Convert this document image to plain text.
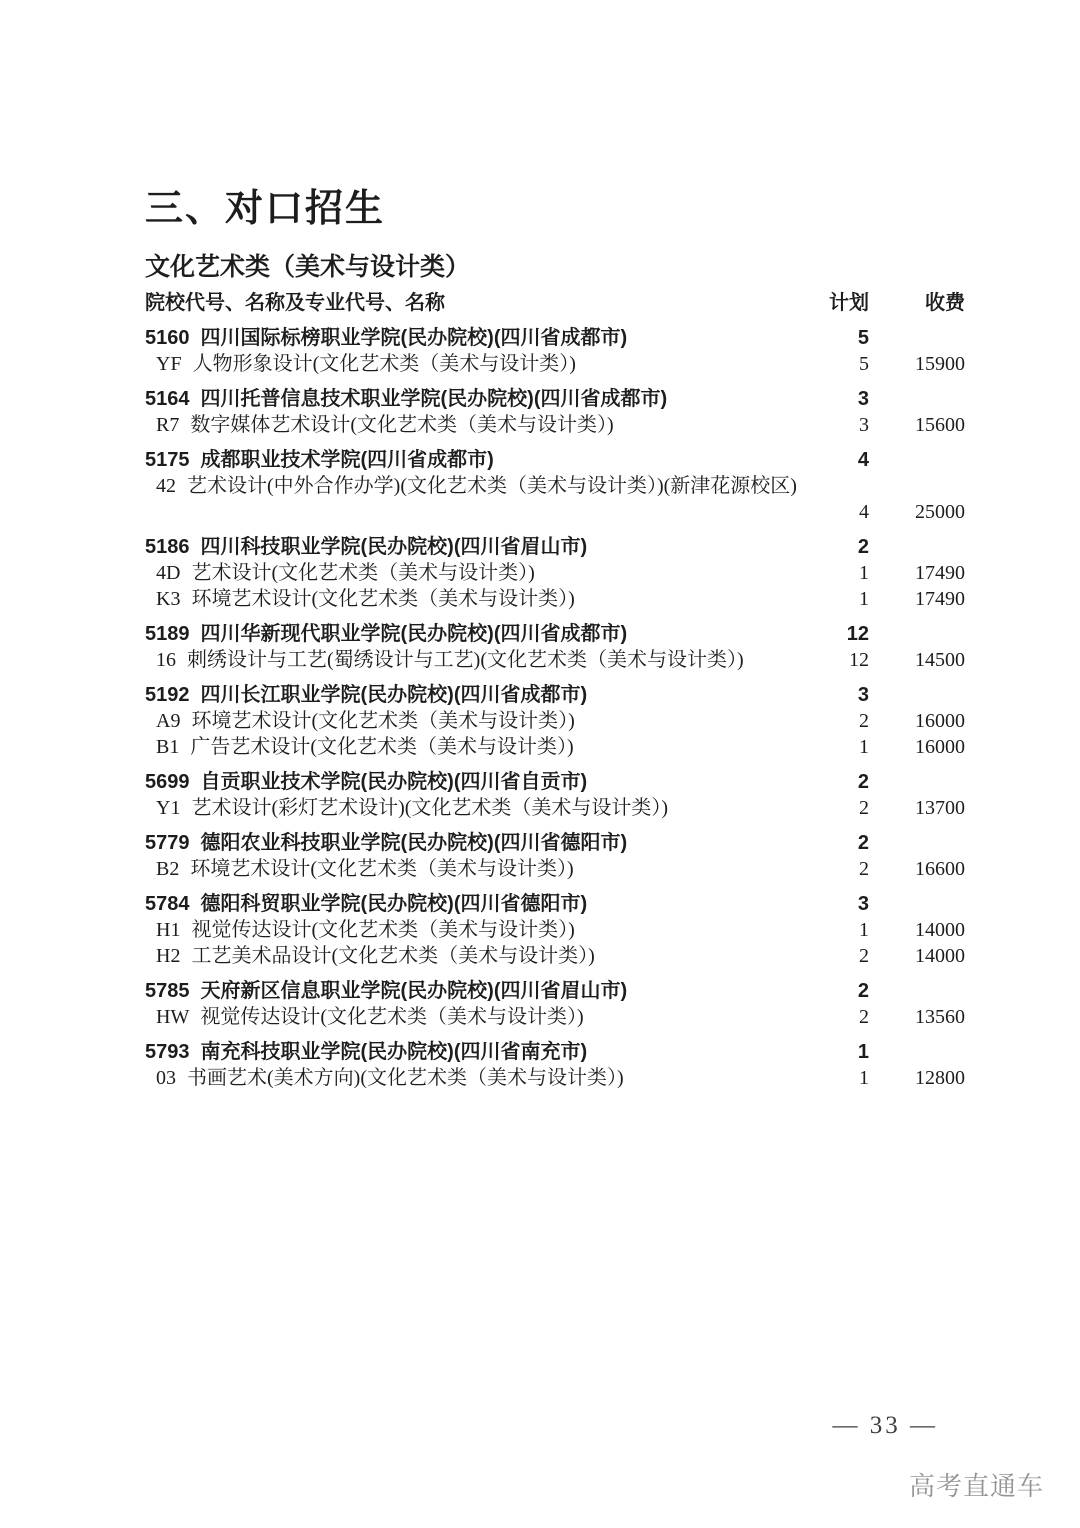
三、对口招生
文化艺术类（美术与设计类）
院校代号、名称及专业代号、名称	计划	收费
5160 四川国际标榜职业学院(民办院校)(四川省成都市)	5
YF 人物形象设计(文化艺术类（美术与设计类）)	5	15900
5164 四川托普信息技术职业学院(民办院校)(四川省成都市)	3
R7 数字媒体艺术设计(文化艺术类（美术与设计类）)	3	15600
5175 成都职业技术学院(四川省成都市)	4
42 艺术设计(中外合作办学)(文化艺术类（美术与设计类）)(新津花源校区)

4	25000
5186 四川科技职业学院(民办院校)(四川省眉山市)	2
4D 艺术设计(文化艺术类（美术与设计类）)	1	17490
K3 环境艺术设计(文化艺术类（美术与设计类）)	1	17490
5189 四川华新现代职业学院(民办院校)(四川省成都市)	12
16 刺绣设计与工艺(蜀绣设计与工艺)(文化艺术类（美术与设计类）)	12	14500
5192 四川长江职业学院(民办院校)(四川省成都市)	3
A9 环境艺术设计(文化艺术类（美术与设计类）)	2	16000
B1 广告艺术设计(文化艺术类（美术与设计类）)	1	16000
5699 自贡职业技术学院(民办院校)(四川省自贡市)	2
Y1 艺术设计(彩灯艺术设计)(文化艺术类（美术与设计类）)	2	13700
5779 德阳农业科技职业学院(民办院校)(四川省德阳市)	2
B2 环境艺术设计(文化艺术类（美术与设计类）)	2	16600
5784 德阳科贸职业学院(民办院校)(四川省德阳市)	3
H1 视觉传达设计(文化艺术类（美术与设计类）)	1	14000
H2 工艺美术品设计(文化艺术类（美术与设计类）)	2	14000
5785 天府新区信息职业学院(民办院校)(四川省眉山市)	2
HW 视觉传达设计(文化艺术类（美术与设计类）)	2	13560
5793 南充科技职业学院(民办院校)(四川省南充市)	1
03 书画艺术(美术方向)(文化艺术类（美术与设计类）)	1	12800
— 33 —
高考直通车
